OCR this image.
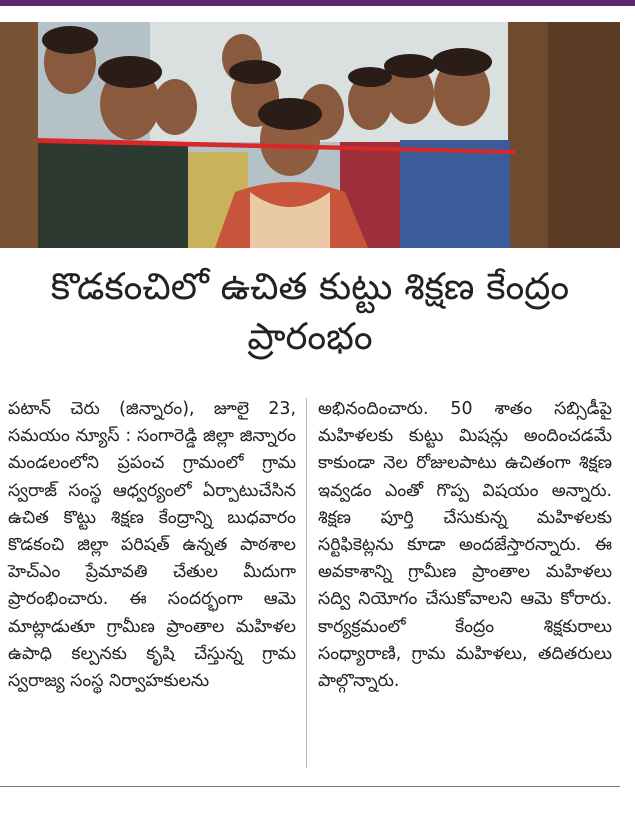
కొడకంచిలో ఉచిత కుట్టు శిక్షణ కేంద్రం
ప్రారంభం

పటాన్ చెరు (జిన్నారం), జూలై 23, సమయం న్యూస్ : సంగారెడ్డి జిల్లా జిన్నారం మండలంలోని ప్రపంచ గ్రామంలో గ్రామ స్వరాజ్ సంస్థ ఆధ్వర్యంలో ఏర్పాటుచేసిన ఉచిత కొట్టు శిక్షణ కేంద్రాన్ని బుధవారం కొడకంచి జిల్లా పరిషత్ ఉన్నత పాఠశాల హెచ్ఎం ప్రేమావతి చేతుల మీదుగా ప్రారంభించారు. ఈ సందర్భంగా ఆమె మాట్లాడుతూ గ్రామీణ ప్రాంతాల మహిళల ఉపాధి కల్పనకు కృషి చేస్తున్న గ్రామ స్వరాజ్య సంస్థ నిర్వాహకులను

అభినందించారు. 50 శాతం సబ్సిడీపై మహిళలకు కుట్టు మిషన్లు అందించడమే కాకుండా నెల రోజులపాటు ఉచితంగా శిక్షణ ఇవ్వడం ఎంతో గొప్ప విషయం అన్నారు. శిక్షణ పూర్తి చేసుకున్న మహిళలకు సర్టిఫికెట్లను కూడా అందజేస్తారన్నారు. ఈ అవకాశాన్ని గ్రామీణ ప్రాంతాల మహిళలు సద్వి నియోగం చేసుకోవాలని ఆమె కోరారు. కార్యక్రమంలో కేంద్రం శిక్షకురాలు సంధ్యారాణి, గ్రామ మహిళలు, తదితరులు పాల్గొన్నారు.
